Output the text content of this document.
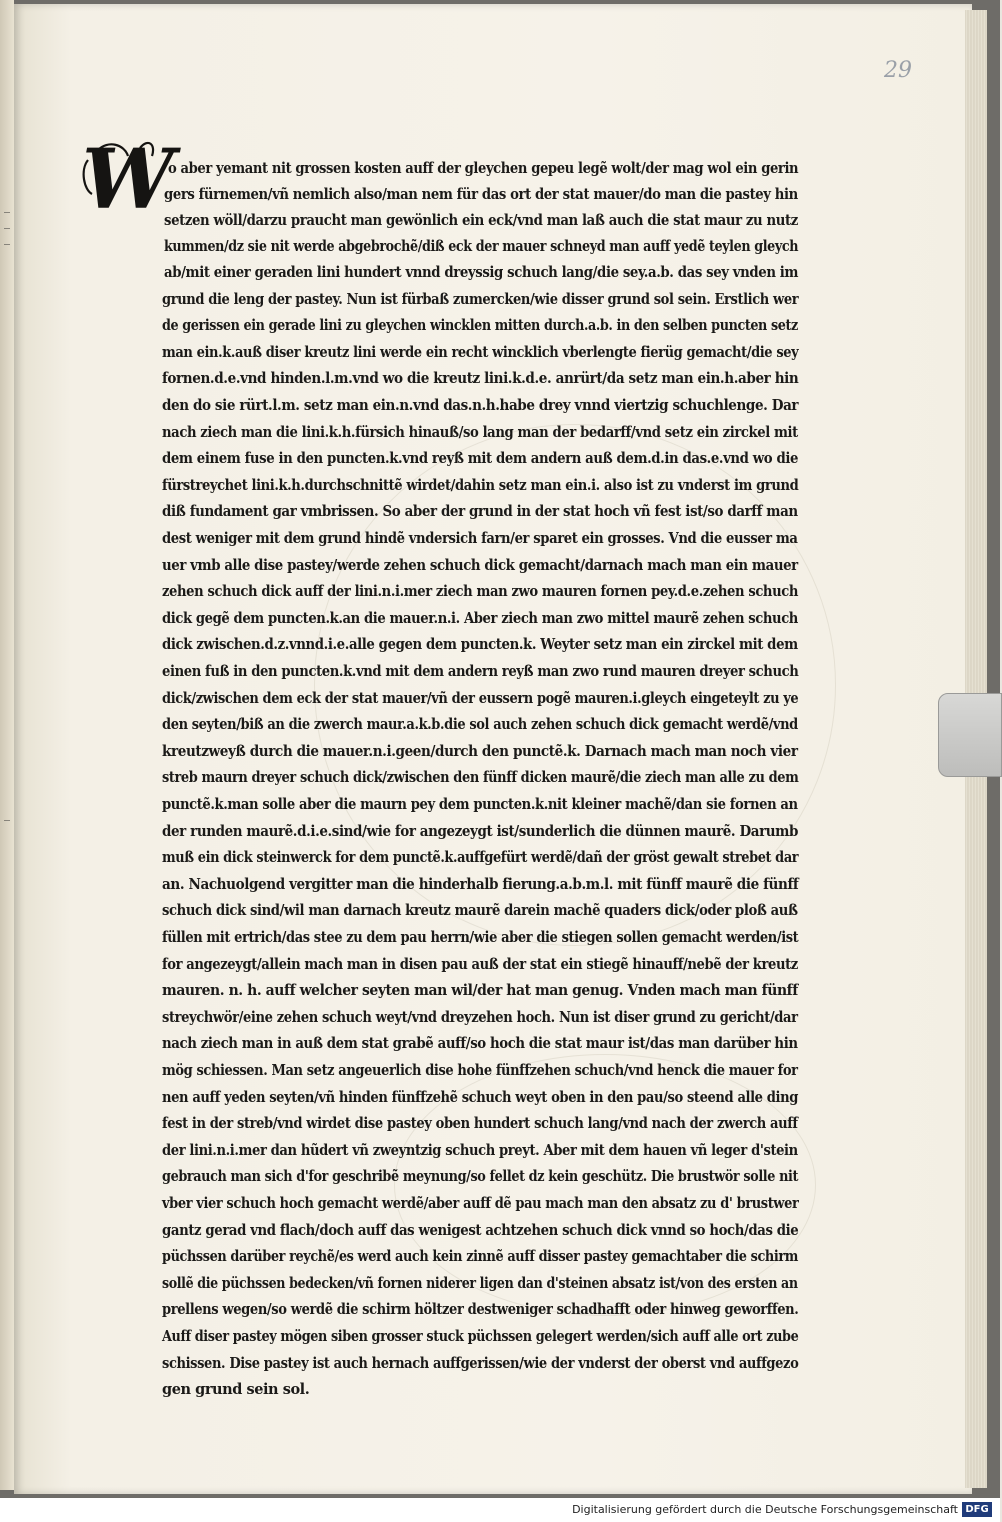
29
W
o aber yemant nit grossen kosten auff der gleychen gepeu legẽ wolt/der mag wol ein gerin
gers fürnemen/vñ nemlich also/man nem für das ort der stat mauer/do man die pastey hin
setzen wöll/darzu praucht man gewönlich ein eck/vnd man laß auch die stat maur zu nutz
kummen/dz sie nit werde abgebrochẽ/diß eck der mauer schneyd man auff yedẽ teylen gleych
ab/mit einer geraden lini hundert vnnd dreyssig schuch lang/die sey.a.b. das sey vnden im
grund die leng der pastey. Nun ist fürbaß zumercken/wie disser grund sol sein. Erstlich wer
de gerissen ein gerade lini zu gleychen wincklen mitten durch.a.b. in den selben puncten setz
man ein.k.auß diser kreutz lini werde ein recht wincklich vberlengte fierüg gemacht/die sey
fornen.d.e.vnd hinden.l.m.vnd wo die kreutz lini.k.d.e. anrürt/da setz man ein.h.aber hin
den do sie rürt.l.m. setz man ein.n.vnd das.n.h.habe drey vnnd viertzig schuchlenge. Dar
nach ziech man die lini.k.h.fürsich hinauß/so lang man der bedarff/vnd setz ein zirckel mit
dem einem fuse in den puncten.k.vnd reyß mit dem andern auß dem.d.in das.e.vnd wo die
fürstreychet lini.k.h.durchschnittẽ wirdet/dahin setz man ein.i. also ist zu vnderst im grund
diß fundament gar vmbrissen. So aber der grund in der stat hoch vñ fest ist/so darff man
dest weniger mit dem grund hindẽ vndersich farn/er sparet ein grosses. Vnd die eusser ma
uer vmb alle dise pastey/werde zehen schuch dick gemacht/darnach mach man ein mauer
zehen schuch dick auff der lini.n.i.mer ziech man zwo mauren fornen pey.d.e.zehen schuch
dick gegẽ dem puncten.k.an die mauer.n.i. Aber ziech man zwo mittel maurẽ zehen schuch
dick zwischen.d.z.vnnd.i.e.alle gegen dem puncten.k. Weyter setz man ein zirckel mit dem
einen fuß in den puncten.k.vnd mit dem andern reyß man zwo rund mauren dreyer schuch
dick/zwischen dem eck der stat mauer/vñ der eussern pogẽ mauren.i.gleych eingeteylt zu ye
den seyten/biß an die zwerch maur.a.k.b.die sol auch zehen schuch dick gemacht werdẽ/vnd
kreutzweyß durch die mauer.n.i.geen/durch den punctẽ.k. Darnach mach man noch vier
streb maurn dreyer schuch dick/zwischen den fünff dicken maurẽ/die ziech man alle zu dem
punctẽ.k.man solle aber die maurn pey dem puncten.k.nit kleiner machẽ/dan sie fornen an
der runden maurẽ.d.i.e.sind/wie for angezeygt ist/sunderlich die dünnen maurẽ. Darumb
muß ein dick steinwerck for dem punctẽ.k.auffgefürt werdẽ/dañ der gröst gewalt strebet dar
an. Nachuolgend vergitter man die hinderhalb fierung.a.b.m.l. mit fünff maurẽ die fünff
schuch dick sind/wil man darnach kreutz maurẽ darein machẽ quaders dick/oder ploß auß
füllen mit ertrich/das stee zu dem pau herrn/wie aber die stiegen sollen gemacht werden/ist
for angezeygt/allein mach man in disen pau auß der stat ein stiegẽ hinauff/nebẽ der kreutz
mauren. n. h. auff welcher seyten man wil/der hat man genug. Vnden mach man fünff
streychwör/eine zehen schuch weyt/vnd dreyzehen hoch. Nun ist diser grund zu gericht/dar
nach ziech man in auß dem stat grabẽ auff/so hoch die stat maur ist/das man darüber hin
mög schiessen. Man setz angeuerlich dise hohe fünffzehen schuch/vnd henck die mauer for
nen auff yeden seyten/vñ hinden fünffzehẽ schuch weyt oben in den pau/so steend alle ding
fest in der streb/vnd wirdet dise pastey oben hundert schuch lang/vnd nach der zwerch auff
der lini.n.i.mer dan hũdert vñ zweyntzig schuch preyt. Aber mit dem hauen vñ leger d'stein
gebrauch man sich d'for geschribẽ meynung/so fellet dz kein geschütz. Die brustwör solle nit
vber vier schuch hoch gemacht werdẽ/aber auff dẽ pau mach man den absatz zu d' brustwer
gantz gerad vnd flach/doch auff das wenigest achtzehen schuch dick vnnd so hoch/das die
püchssen darüber reychẽ/es werd auch kein zinnẽ auff disser pastey gemachtaber die schirm
sollẽ die püchssen bedecken/vñ fornen niderer ligen dan d'steinen absatz ist/von des ersten an
prellens wegen/so werdẽ die schirm höltzer destweniger schadhafft oder hinweg geworffen.
Auff diser pastey mögen siben grosser stuck püchssen gelegert werden/sich auff alle ort zube
schissen. Dise pastey ist auch hernach auffgerissen/wie der vnderst der oberst vnd auffgezo
gen grund sein sol.
Digitalisierung gefördert durch die Deutsche Forschungsgemeinschaft DFG
